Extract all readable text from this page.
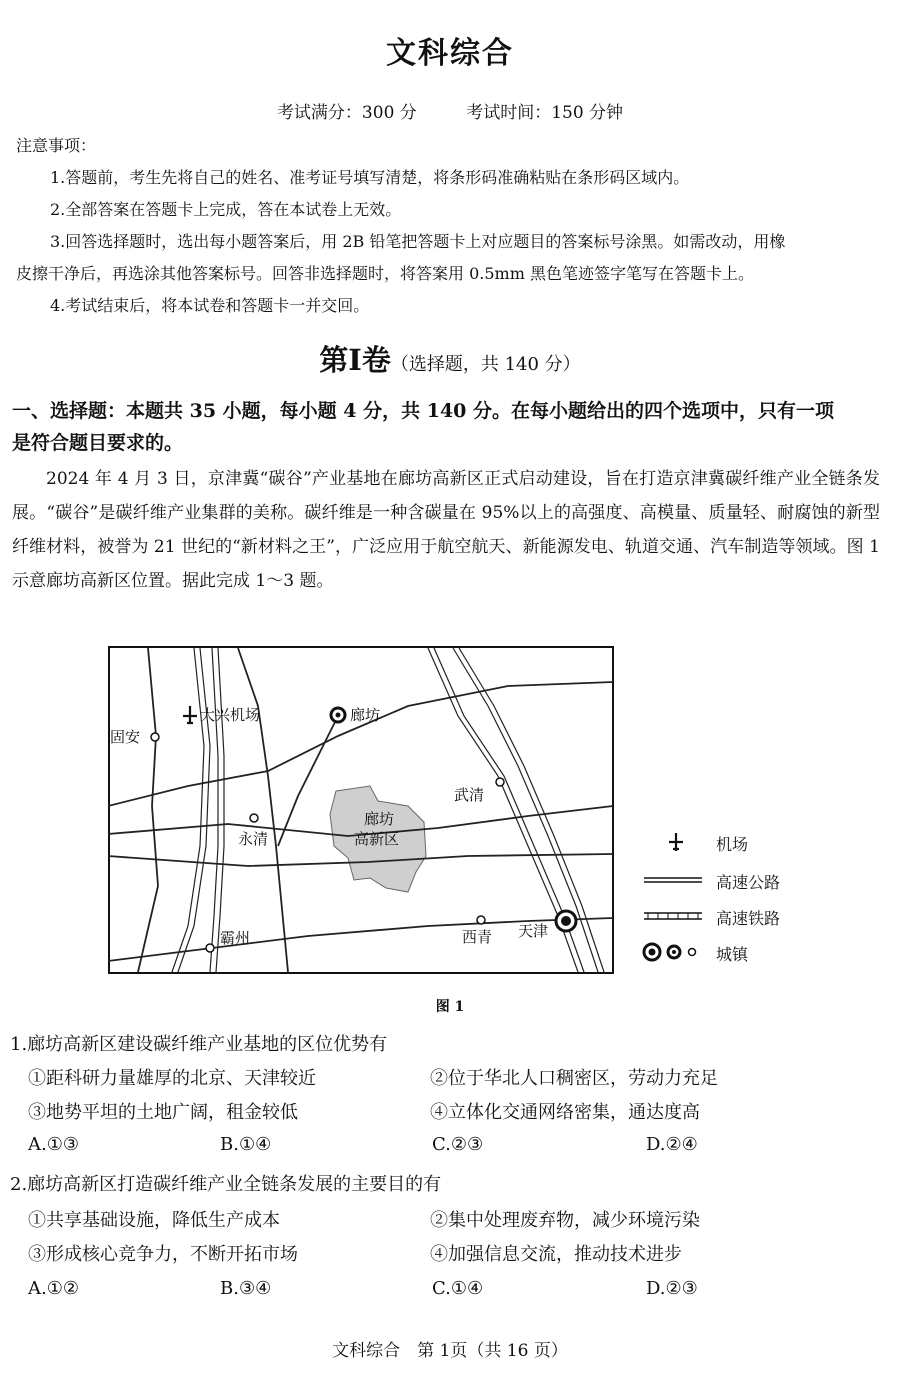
文科综合
考试满分：300 分	考试时间：150 分钟
注意事项：
1.答题前，考生先将自己的姓名、准考证号填写清楚，将条形码准确粘贴在条形码区域内。
2.全部答案在答题卡上完成，答在本试卷上无效。
3.回答选择题时，选出每小题答案后，用 2B 铅笔把答题卡上对应题目的答案标号涂黑。如需改动，用橡
皮擦干净后，再选涂其他答案标号。回答非选择题时，将答案用 0.5mm 黑色笔迹签字笔写在答题卡上。
4.考试结束后，将本试卷和答题卡一并交回。
第Ⅰ卷（选择题，共 140 分）
一、选择题：本题共 35 小题，每小题 4 分，共 140 分。在每小题给出的四个选项中，只有一项
是符合题目要求的。
2024 年 4 月 3 日，京津冀“碳谷”产业基地在廊坊高新区正式启动建设，旨在打造京津冀碳纤维产业全链条发展。“碳谷”是碳纤维产业集群的美称。碳纤维是一种含碳量在 95%以上的高强度、高模量、质量轻、耐腐蚀的新型纤维材料，被誉为 21 世纪的“新材料之王”，广泛应用于航空航天、新能源发电、轨道交通、汽车制造等领域。图 1 示意廊坊高新区位置。据此完成 1～3 题。
固安
大兴机场	廊坊
武清
永清
廊坊
高新区
霸州	西青 天津
机场
高速公路
高速铁路
城镇
图 1
1.廊坊高新区建设碳纤维产业基地的区位优势有
①距科研力量雄厚的北京、天津较近	②位于华北人口稠密区，劳动力充足
③地势平坦的土地广阔，租金较低	④立体化交通网络密集，通达度高
A.①③	B.①④	C.②③	D.②④
2.廊坊高新区打造碳纤维产业全链条发展的主要目的有
①共享基础设施，降低生产成本	②集中处理废弃物，减少环境污染
③形成核心竞争力，不断开拓市场	④加强信息交流，推动技术进步
A.①②	B.③④	C.①④	D.②③
文科综合　第 1页（共 16 页）
